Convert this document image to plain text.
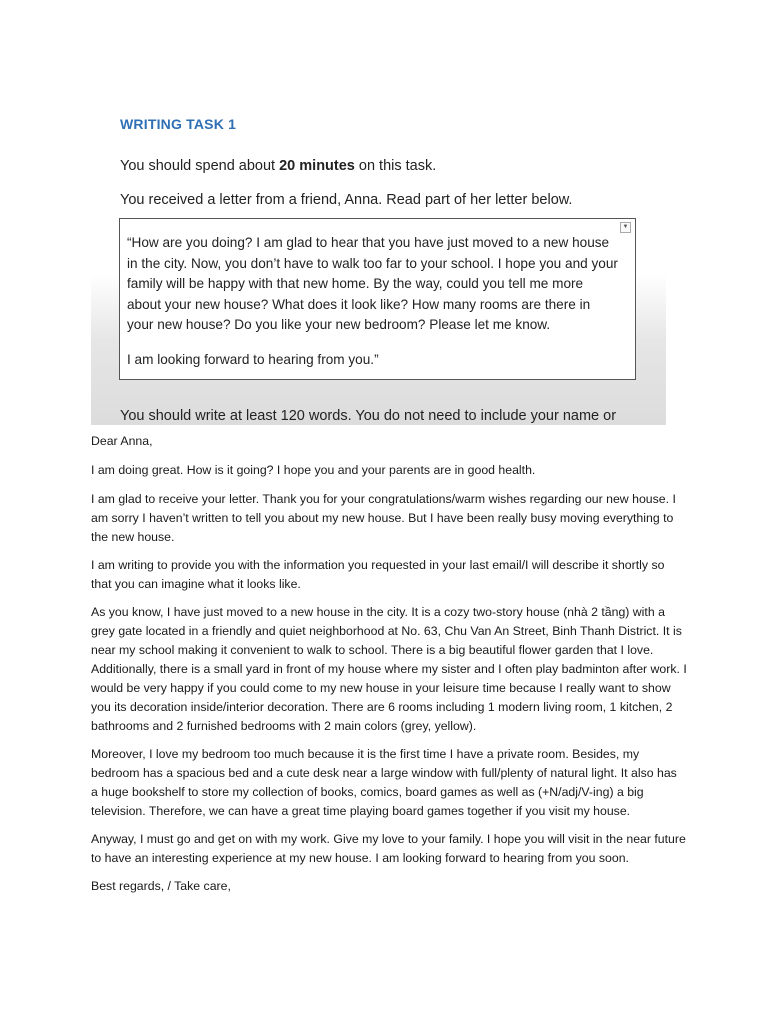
WRITING TASK 1

You should spend about 20 minutes on this task.

You received a letter from a friend, Anna. Read part of her letter below.

▼

“How are you doing? I am glad to hear that you have just moved to a new house
in the city. Now, you don’t have to walk too far to your school. I hope you and your
family will be happy with that new home. By the way, could you tell me more
about your new house? What does it look like? How many rooms are there in
your new house? Do you like your new bedroom? Please let me know.

I am looking forward to hearing from you.”

You should write at least 120 words. You do not need to include your name or

Dear Anna,

I am doing great. How is it going? I hope you and your parents are in good health.

I am glad to receive your letter. Thank you for your congratulations/warm wishes regarding our new house. I am sorry I haven’t written to tell you about my new house. But I have been really busy moving everything to the new house.

I am writing to provide you with the information you requested in your last email/I will describe it shortly so that you can imagine what it looks like.

As you know, I have just moved to a new house in the city. It is a cozy two-story house (nhà 2 tầng) with a grey gate located in a friendly and quiet neighborhood at No. 63, Chu Van An Street, Binh Thanh District. It is near my school making it convenient to walk to school. There is a big beautiful flower garden that I love. Additionally, there is a small yard in front of my house where my sister and I often play badminton after work. I would be very happy if you could come to my new house in your leisure time because I really want to show you its decoration inside/interior decoration. There are 6 rooms including 1 modern living room, 1 kitchen, 2 bathrooms and 2 furnished bedrooms with 2 main colors (grey, yellow).

Moreover, I love my bedroom too much because it is the first time I have a private room. Besides, my bedroom has a spacious bed and a cute desk near a large window with full/plenty of natural light. It also has a huge bookshelf to store my collection of books, comics, board games as well as (+N/adj/V-ing) a big television. Therefore, we can have a great time playing board games together if you visit my house.

Anyway, I must go and get on with my work. Give my love to your family. I hope you will visit in the near future to have an interesting experience at my new house. I am looking forward to hearing from you soon.

Best regards, / Take care,
